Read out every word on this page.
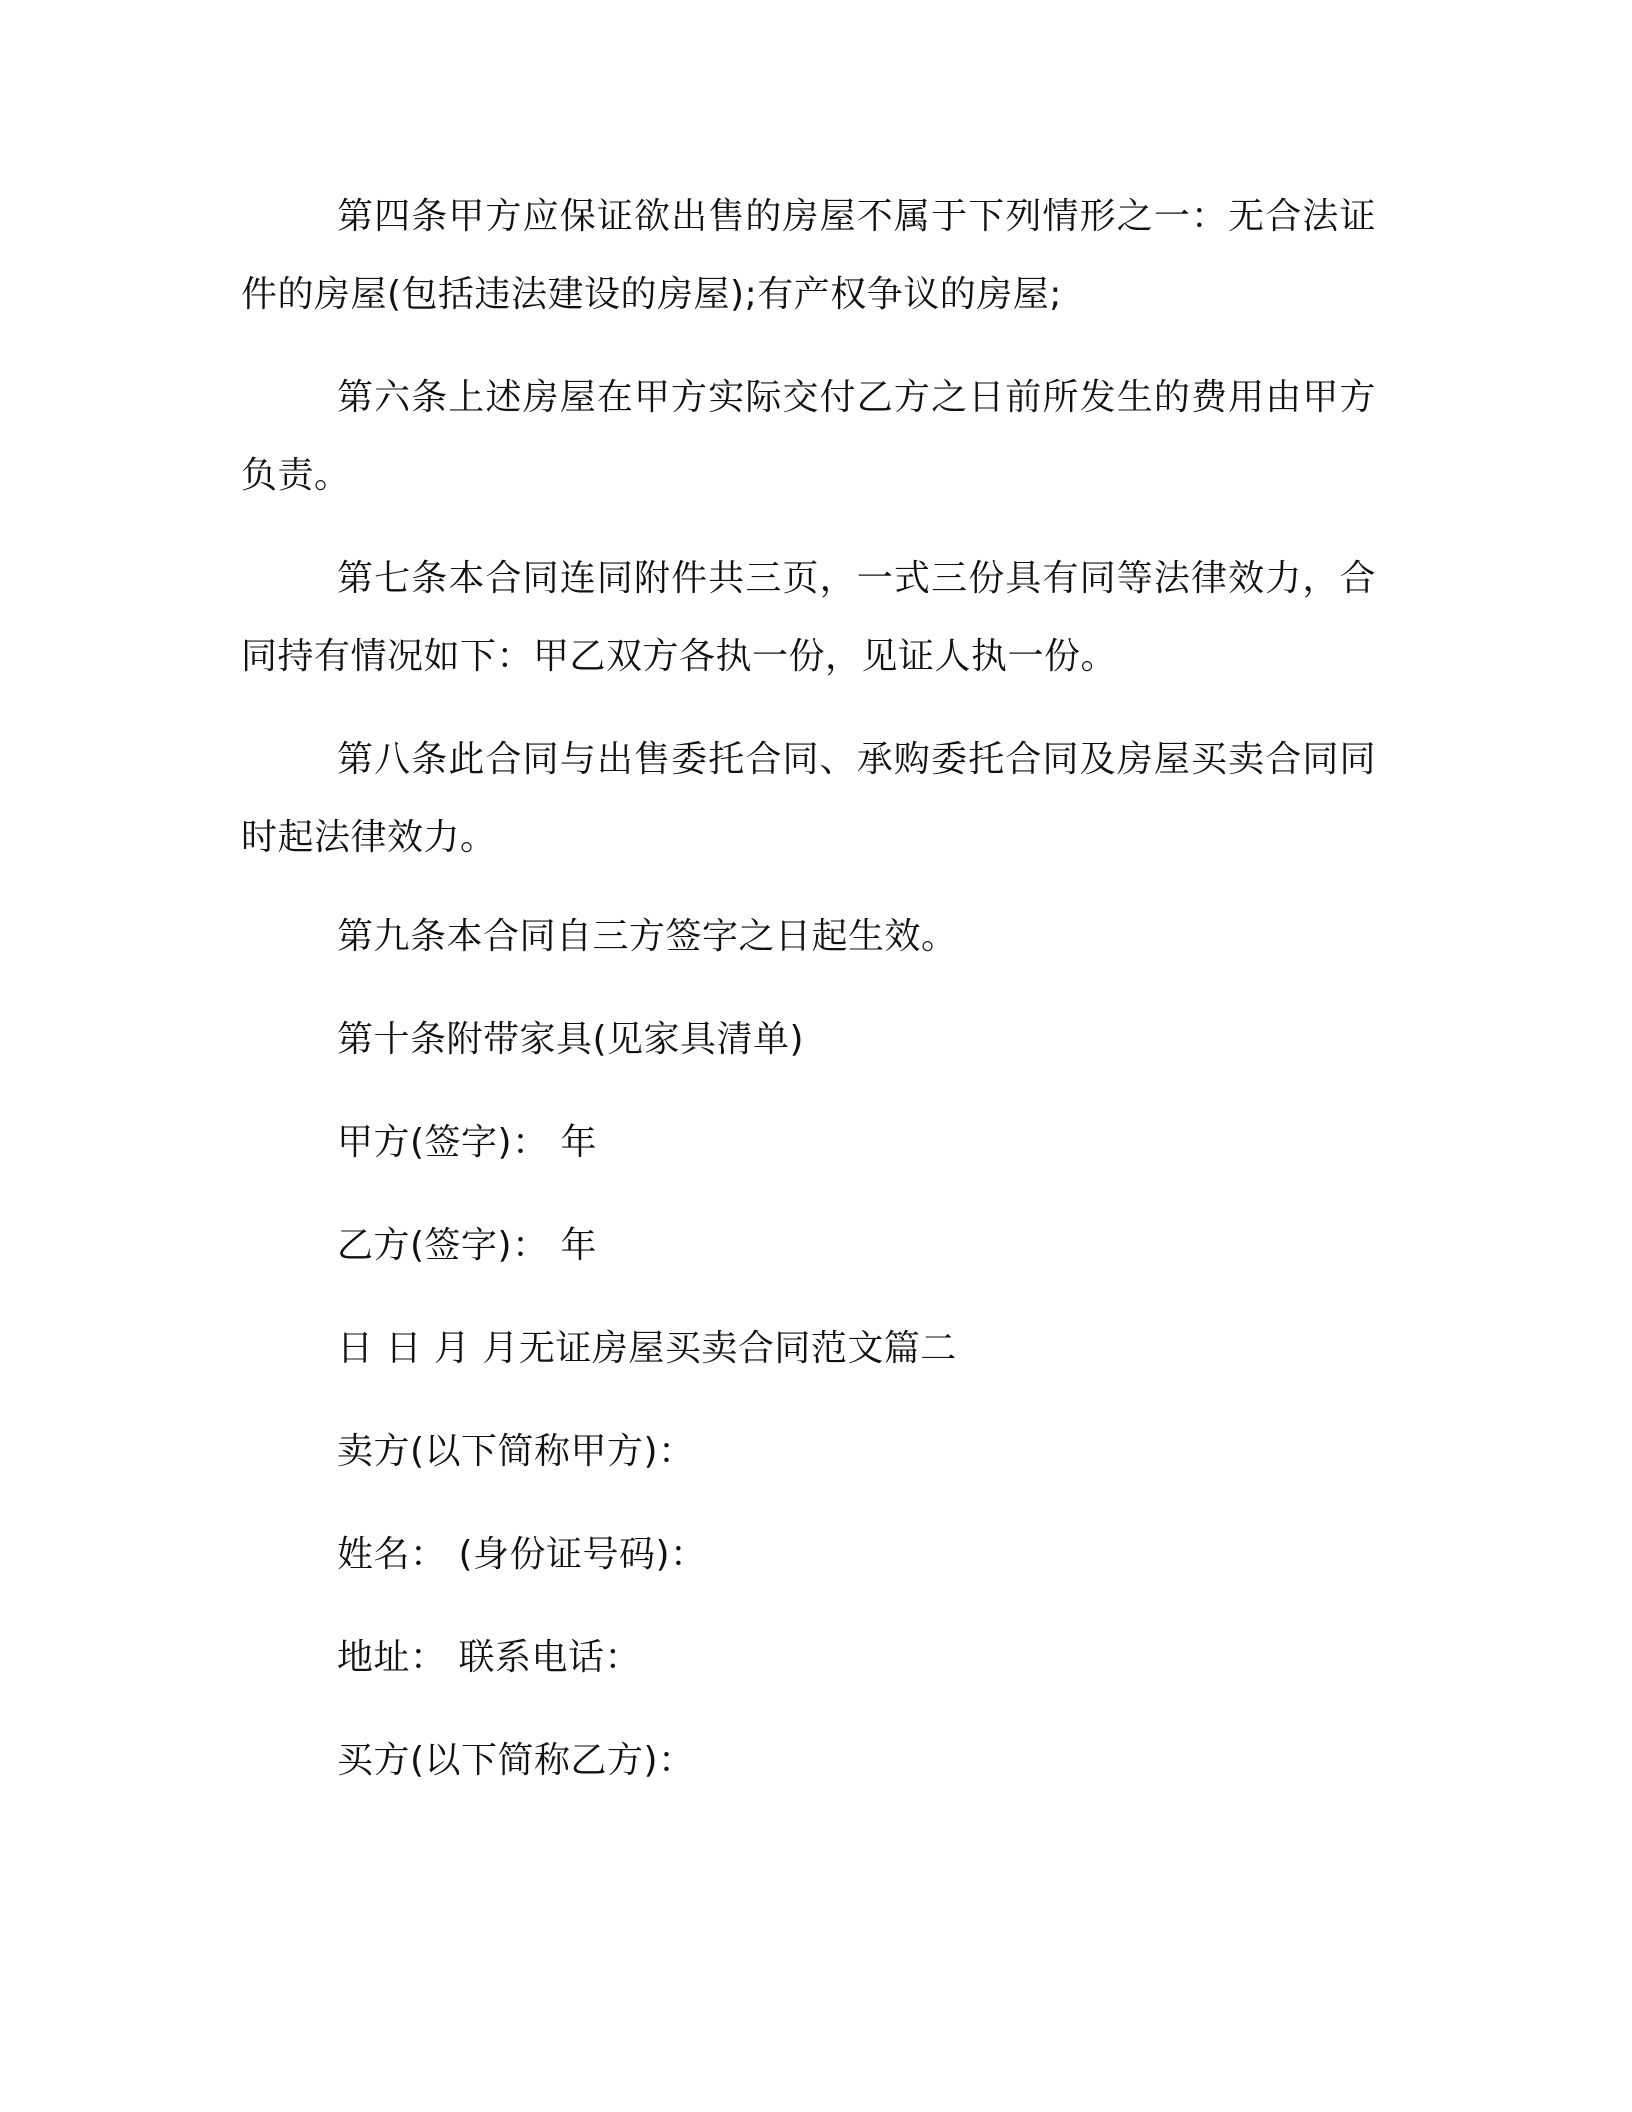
第四条甲方应保证欲出售的房屋不属于下列情形之一：无合法证件的房屋(包括违法建设的房屋);有产权争议的房屋;

第六条上述房屋在甲方实际交付乙方之日前所发生的费用由甲方负责。

第七条本合同连同附件共三页，一式三份具有同等法律效力，合同持有情况如下：甲乙双方各执一份，见证人执一份。

第八条此合同与出售委托合同、承购委托合同及房屋买卖合同同时起法律效力。

第九条本合同自三方签字之日起生效。

第十条附带家具(见家具清单)

甲方(签字)： 年

乙方(签字)： 年

日 日 月 月无证房屋买卖合同范文篇二

卖方(以下简称甲方)：

姓名： (身份证号码)：

地址： 联系电话：

买方(以下简称乙方)：
